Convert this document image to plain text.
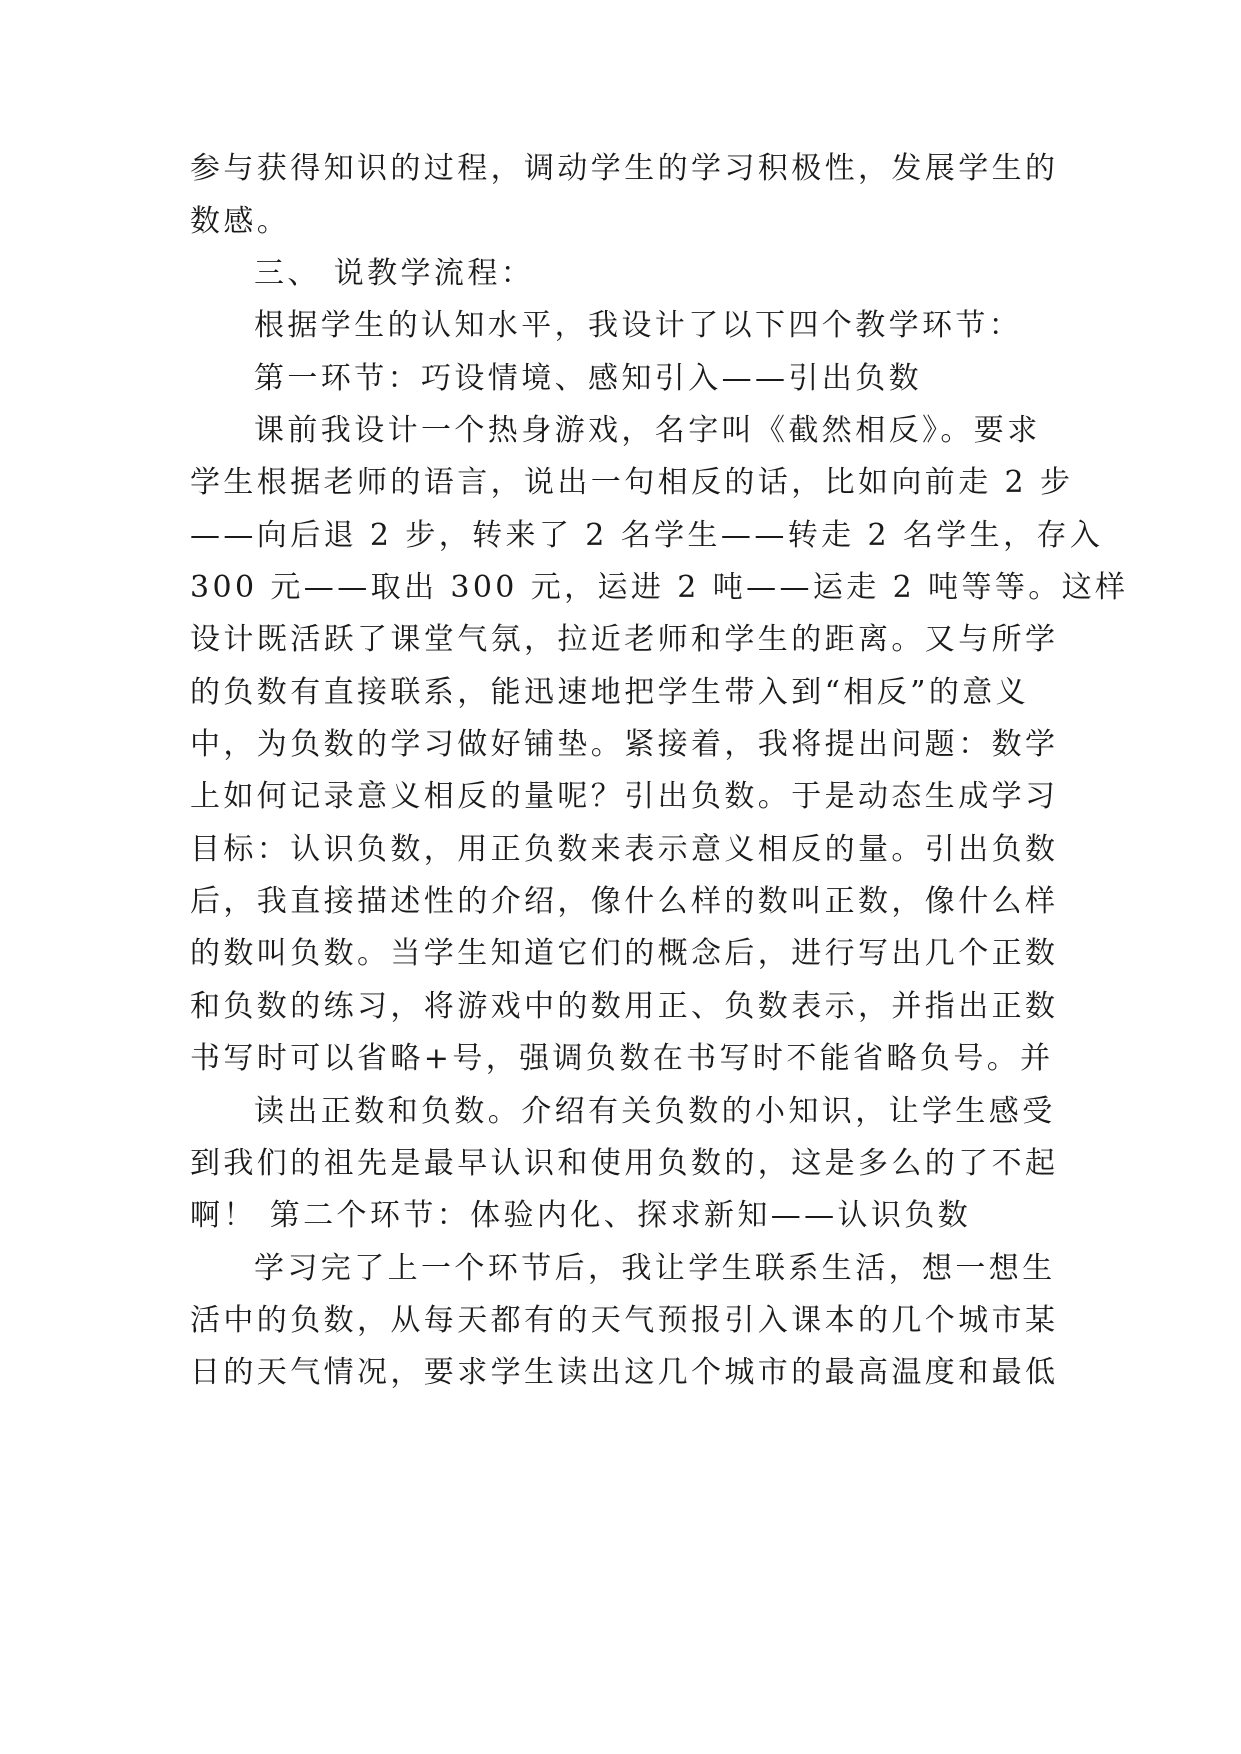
参与获得知识的过程，调动学生的学习积极性，发展学生的
数感。
三、 说教学流程：
根据学生的认知水平，我设计了以下四个教学环节：
第一环节：巧设情境、感知引入——引出负数
课前我设计一个热身游戏，名字叫《截然相反》。要求
学生根据老师的语言，说出一句相反的话，比如向前走 2 步
——向后退 2 步，转来了 2 名学生——转走 2 名学生，存入
300 元——取出 300 元，运进 2 吨——运走 2 吨等等。这样
设计既活跃了课堂气氛，拉近老师和学生的距离。又与所学
的负数有直接联系，能迅速地把学生带入到“相反”的意义
中，为负数的学习做好铺垫。紧接着，我将提出问题：数学
上如何记录意义相反的量呢？引出负数。于是动态生成学习
目标：认识负数，用正负数来表示意义相反的量。引出负数
后，我直接描述性的介绍，像什么样的数叫正数，像什么样
的数叫负数。当学生知道它们的概念后，进行写出几个正数
和负数的练习，将游戏中的数用正、负数表示，并指出正数
书写时可以省略+号，强调负数在书写时不能省略负号。并
读出正数和负数。介绍有关负数的小知识，让学生感受
到我们的祖先是最早认识和使用负数的，这是多么的了不起
啊！ 第二个环节：体验内化、探求新知——认识负数
学习完了上一个环节后，我让学生联系生活，想一想生
活中的负数，从每天都有的天气预报引入课本的几个城市某
日的天气情况，要求学生读出这几个城市的最高温度和最低
